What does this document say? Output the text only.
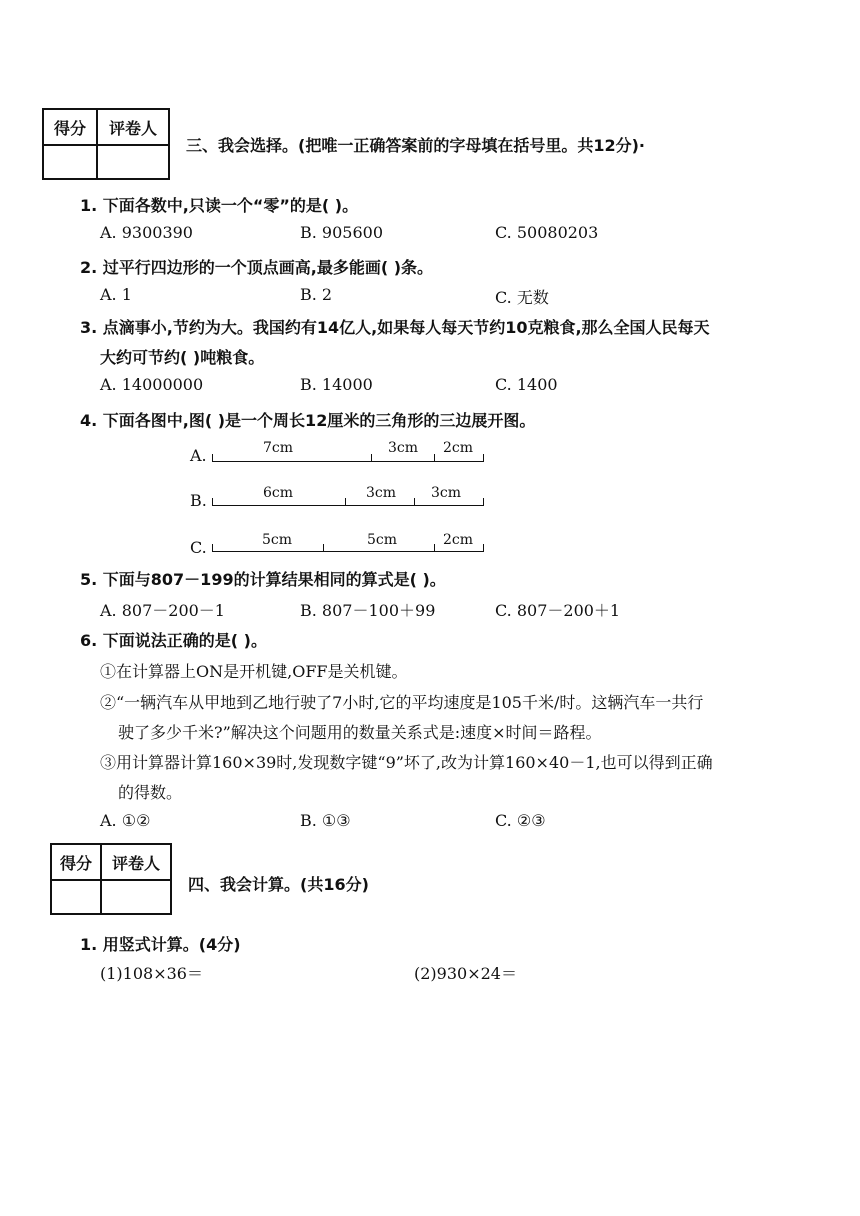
得分	评卷人

三、我会选择。(把唯一正确答案前的字母填在括号里。共12分)·
1. 下面各数中,只读一个“零”的是( )。
A. 9300390	B. 905600	C. 50080203
2. 过平行四边形的一个顶点画高,最多能画( )条。
A. 1	B. 2	C. 无数
3. 点滴事小,节约为大。我国约有14亿人,如果每人每天节约10克粮食,那么全国人民每天
大约可节约( )吨粮食。
A. 14000000	B. 14000	C. 1400
4. 下面各图中,图( )是一个周长12厘米的三角形的三边展开图。
A.	7cm	3cm 2cm
B.	6cm	3cm 3cm
C.	5cm	5cm	2cm
5. 下面与807－199的计算结果相同的算式是( )。
A. 807－200－1	B. 807－100＋99	C. 807－200＋1
6. 下面说法正确的是( )。
①在计算器上ON是开机键,OFF是关机键。
②“一辆汽车从甲地到乙地行驶了7小时,它的平均速度是105千米/时。这辆汽车一共行
驶了多少千米?”解决这个问题用的数量关系式是:速度×时间＝路程。
③用计算器计算160×39时,发现数字键“9”坏了,改为计算160×40－1,也可以得到正确
的得数。
A. ①②	B. ①③	C. ②③
得分	评卷人

四、我会计算。(共16分)
1. 用竖式计算。(4分)
(1)108×36＝	(2)930×24＝
